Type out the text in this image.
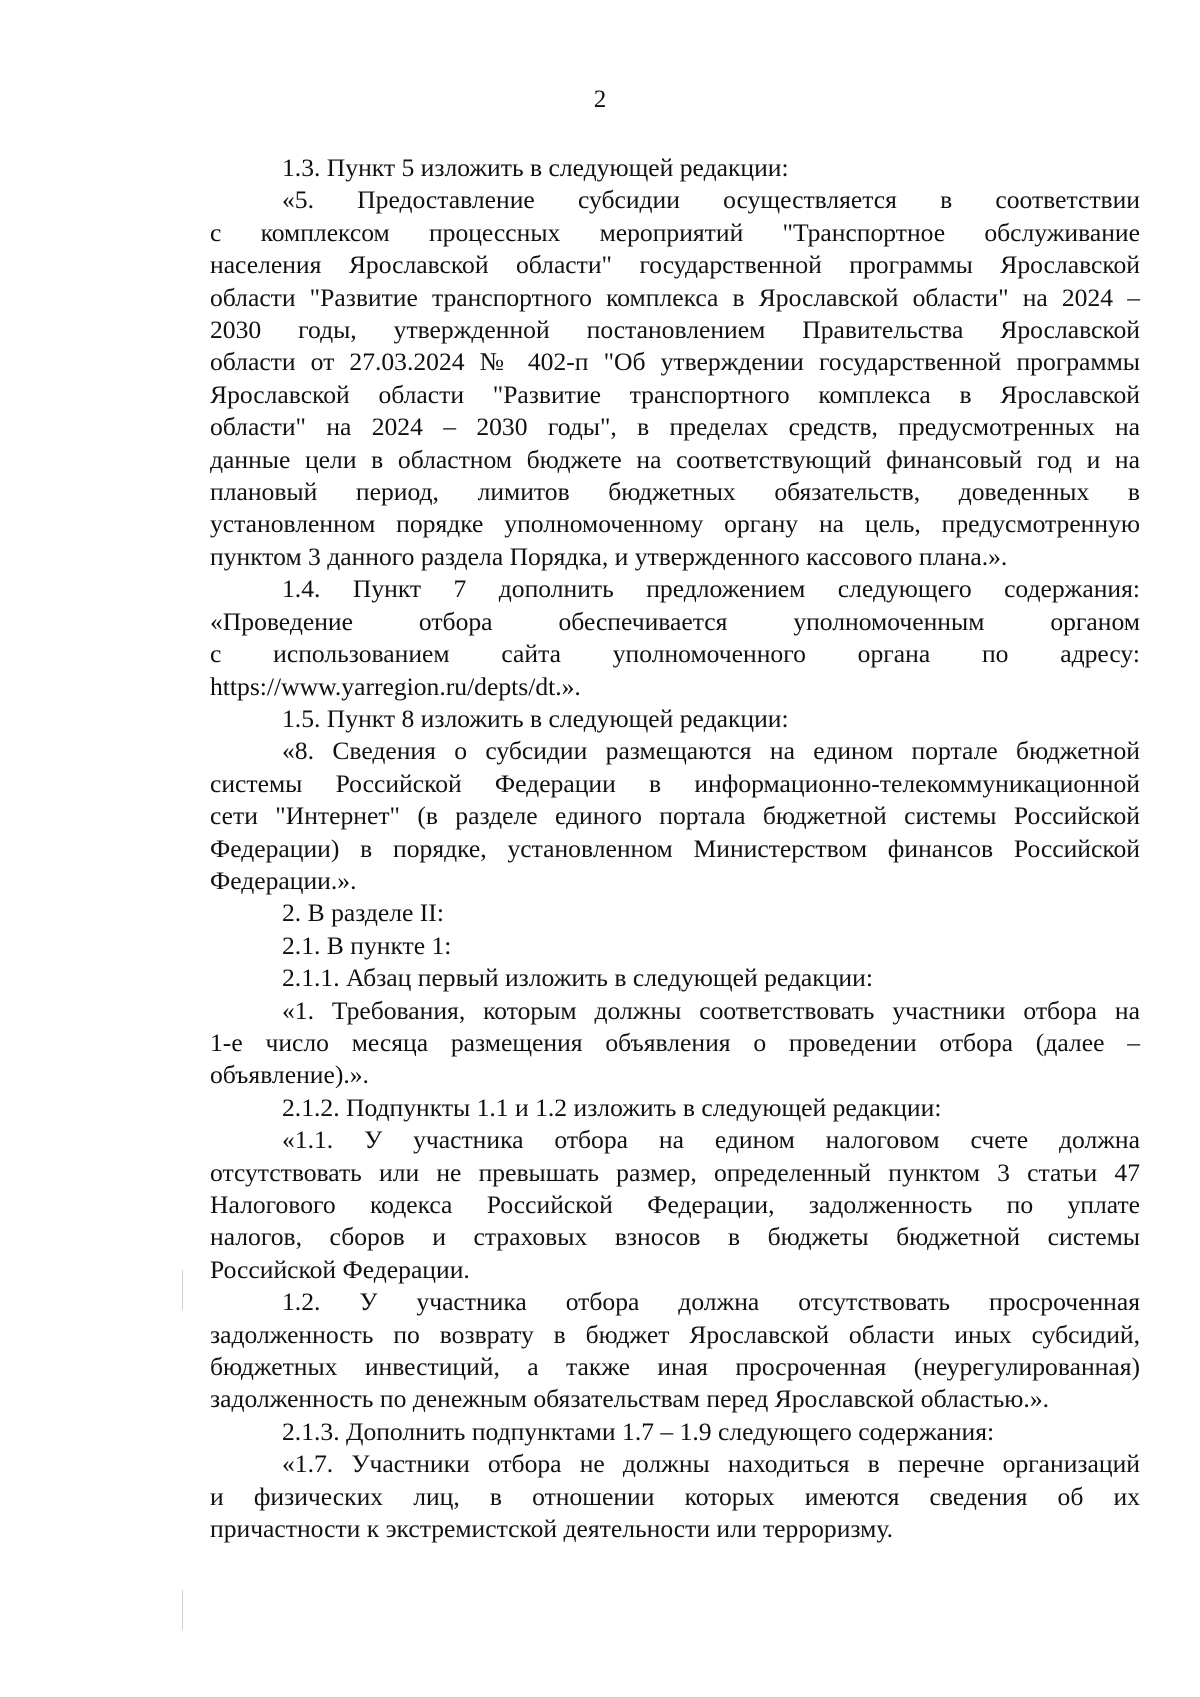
2
1.3. Пункт 5 изложить в следующей редакции:
«5. Предоставление субсидии осуществляется в соответствии
с комплексом процессных мероприятий "Транспортное обслуживание
населения Ярославской области" государственной программы Ярославской
области "Развитие транспортного комплекса в Ярославской области" на 2024 –
2030 годы, утвержденной постановлением Правительства Ярославской
области от 27.03.2024 № 402-п "Об утверждении государственной программы
Ярославской области "Развитие транспортного комплекса в Ярославской
области" на 2024 – 2030 годы", в пределах средств, предусмотренных на
данные цели в областном бюджете на соответствующий финансовый год и на
плановый период, лимитов бюджетных обязательств, доведенных в
установленном порядке уполномоченному органу на цель, предусмотренную
пунктом 3 данного раздела Порядка, и утвержденного кассового плана.».
1.4. Пункт 7 дополнить предложением следующего содержания:
«Проведение отбора обеспечивается уполномоченным органом
с использованием сайта уполномоченного органа по адресу:
https://www.yarregion.ru/depts/dt.».
1.5. Пункт 8 изложить в следующей редакции:
«8. Сведения о субсидии размещаются на едином портале бюджетной
системы Российской Федерации в информационно-телекоммуникационной
сети "Интернет" (в разделе единого портала бюджетной системы Российской
Федерации) в порядке, установленном Министерством финансов Российской
Федерации.».
2. В разделе II:
2.1. В пункте 1:
2.1.1. Абзац первый изложить в следующей редакции:
«1. Требования, которым должны соответствовать участники отбора на
1-е число месяца размещения объявления о проведении отбора (далее –
объявление).».
2.1.2. Подпункты 1.1 и 1.2 изложить в следующей редакции:
«1.1. У участника отбора на едином налоговом счете должна
отсутствовать или не превышать размер, определенный пунктом 3 статьи 47
Налогового кодекса Российской Федерации, задолженность по уплате
налогов, сборов и страховых взносов в бюджеты бюджетной системы
Российской Федерации.
1.2. У участника отбора должна отсутствовать просроченная
задолженность по возврату в бюджет Ярославской области иных субсидий,
бюджетных инвестиций, а также иная просроченная (неурегулированная)
задолженность по денежным обязательствам перед Ярославской областью.».
2.1.3. Дополнить подпунктами 1.7 – 1.9 следующего содержания:
«1.7. Участники отбора не должны находиться в перечне организаций
и физических лиц, в отношении которых имеются сведения об их
причастности к экстремистской деятельности или терроризму.
